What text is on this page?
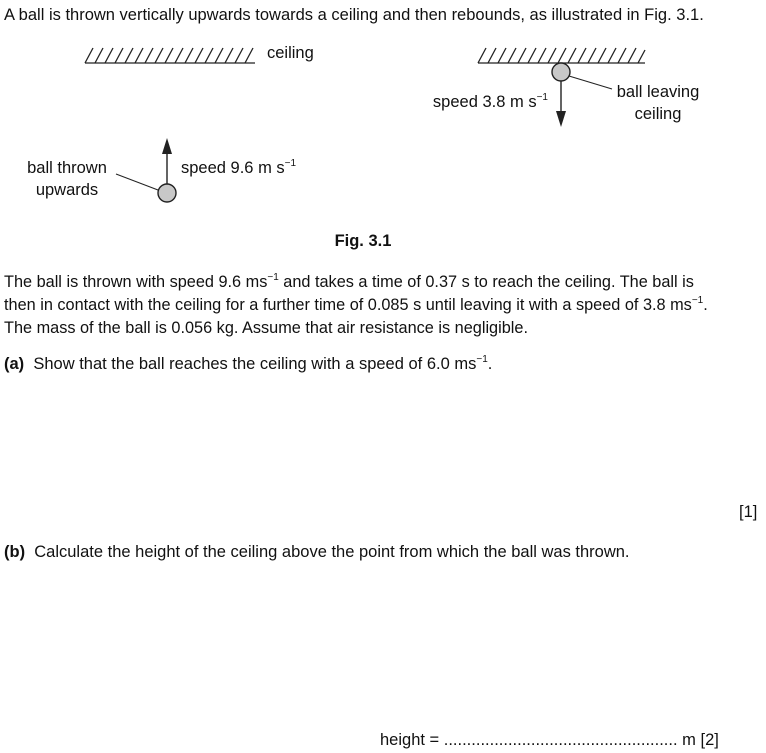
A ball is thrown vertically upwards towards a ceiling and then rebounds, as illustrated in Fig. 3.1.
ceiling
speed 3.8 m $s^{-1}$	ball leaving
ceiling
ball thrown
upwards
speed 9.6 m $s^{-1}$
Fig. 3.1
The ball is thrown with speed 9.6 $ms^{-1}$ and takes a time of 0.37 s to reach the ceiling. The ball is
then in contact with the ceiling for a further time of 0.085 s until leaving it with a speed of 3.8 $ms^{-1}$.
The mass of the ball is 0.056 kg. Assume that air resistance is negligible.
(a) Show that the ball reaches the ceiling with a speed of 6.0 $ms^{-1}$.
[1]
(b) Calculate the height of the ceiling above the point from which the ball was thrown.
height = ................................................... m [2]
